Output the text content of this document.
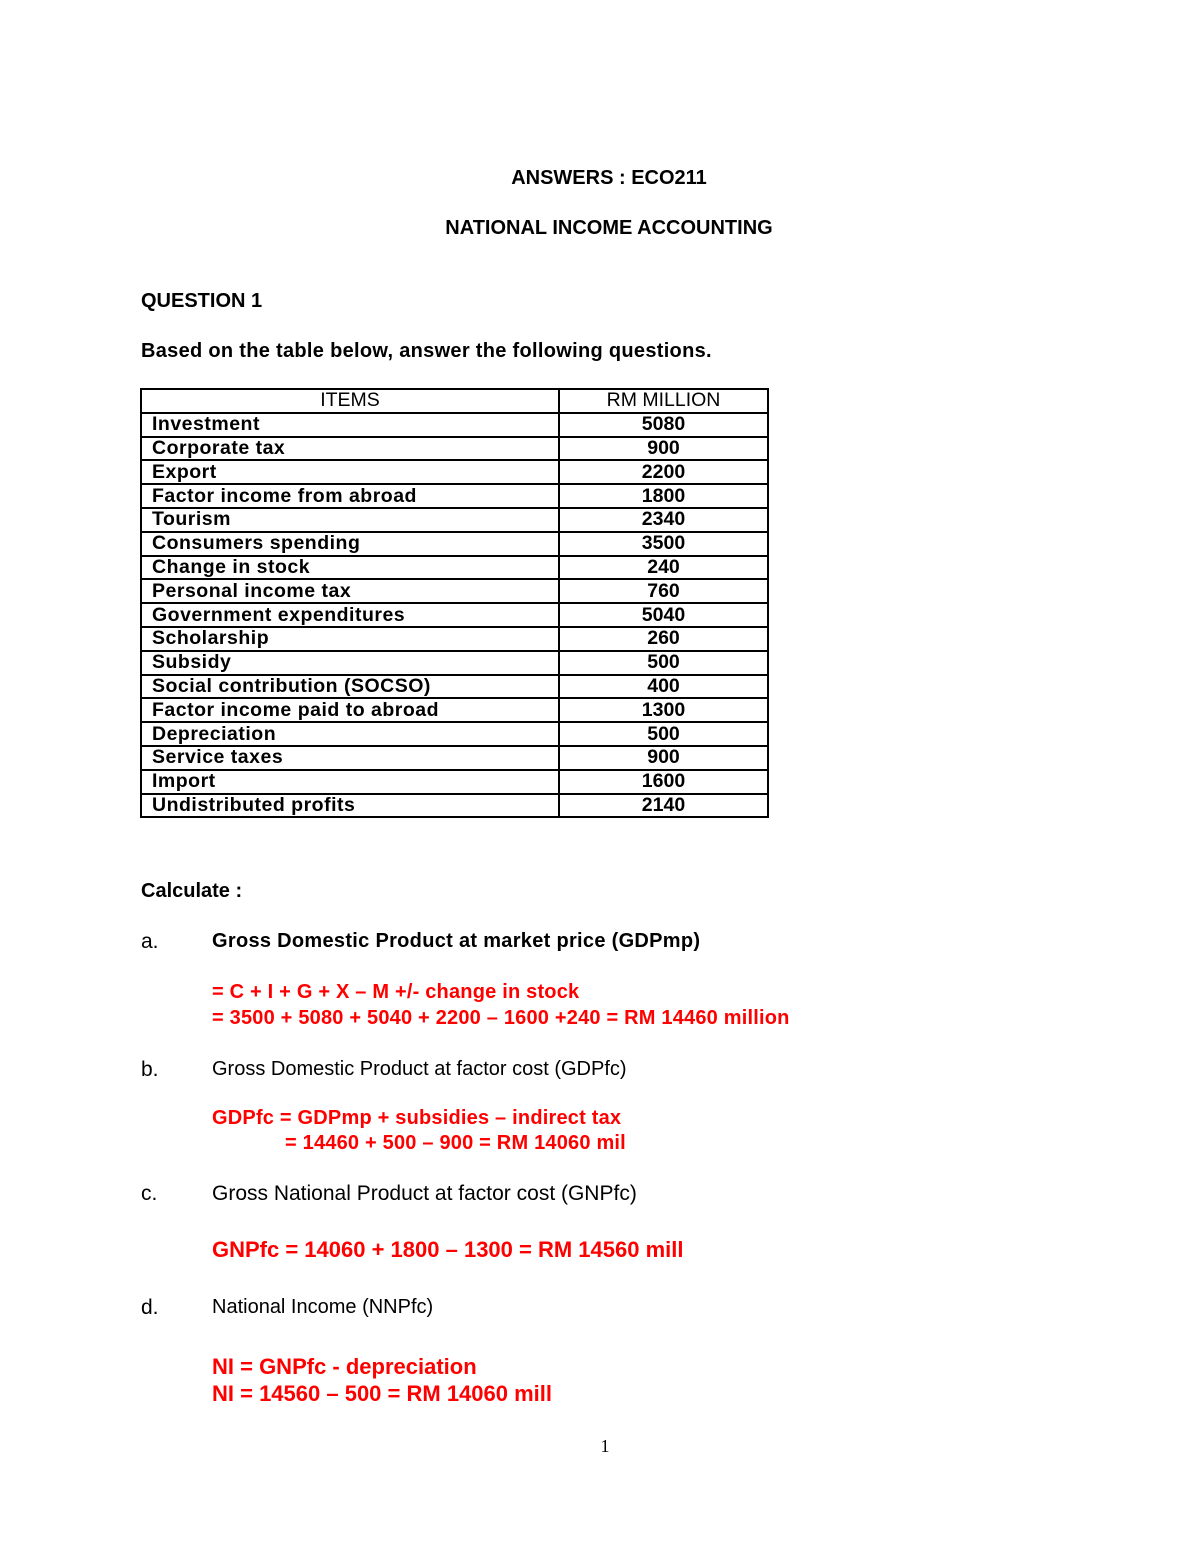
ANSWERS : ECO211
NATIONAL INCOME ACCOUNTING
QUESTION 1
Based on the table below, answer the following questions.
ITEMS	RM MILLION
Investment	5080
Corporate tax	900
Export	2200
Factor income from abroad	1800
Tourism	2340
Consumers spending	3500
Change in stock	240
Personal income tax	760
Government expenditures	5040
Scholarship	260
Subsidy	500
Social contribution (SOCSO)	400
Factor income paid to abroad	1300
Depreciation	500
Service taxes	900
Import	1600
Undistributed profits	2140
Calculate :
a.	Gross Domestic Product at market price (GDPmp)
= C + I + G + X – M +/- change in stock
= 3500 + 5080 + 5040 + 2200 – 1600 +240 = RM 14460 million
b.	Gross Domestic Product at factor cost (GDPfc)
GDPfc = GDPmp + subsidies – indirect tax
= 14460 + 500 – 900 = RM 14060 mil
c.	Gross National Product at factor cost (GNPfc)
GNPfc = 14060 + 1800 – 1300 = RM 14560 mill
d.	National Income (NNPfc)
NI = GNPfc - depreciation
NI = 14560 – 500 = RM 14060 mill
1
